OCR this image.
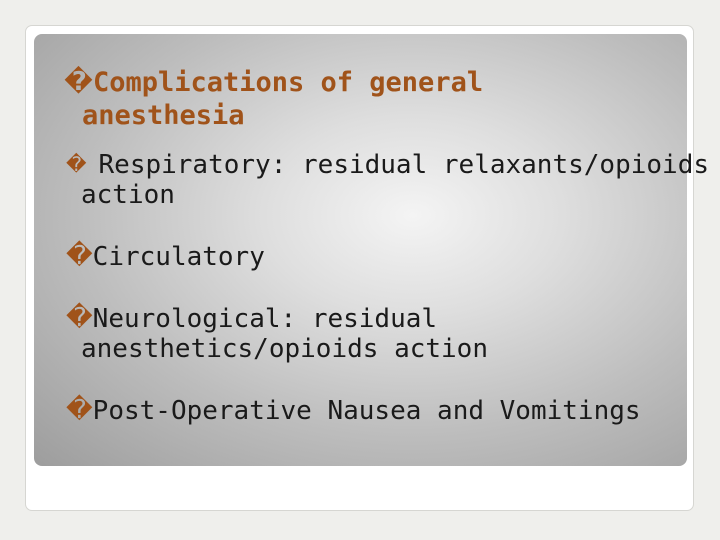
�Complications of general
anesthesia
� Respiratory: residual relaxants/opioids
action
�Circulatory
�Neurological: residual
anesthetics/opioids action
�Post-Operative Nausea and Vomitings
